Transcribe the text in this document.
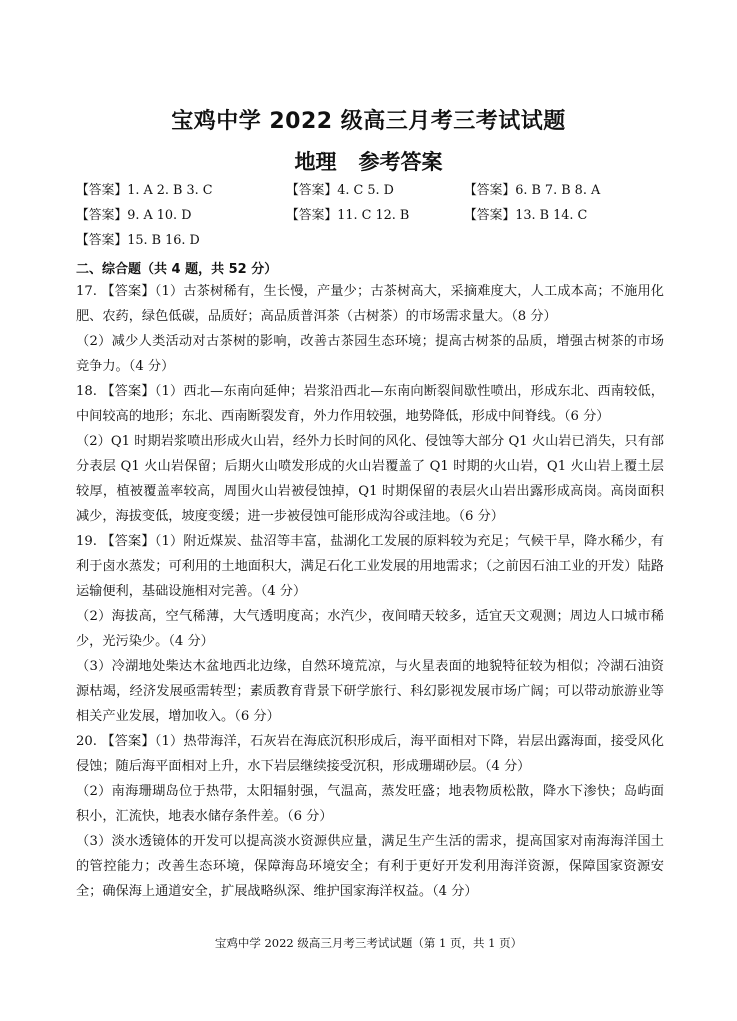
宝鸡中学 2022 级高三月考三考试试题
地理 参考答案
【答案】1. A 2. B 3. C	【答案】4. C 5. D	【答案】6. B 7. B 8. A
【答案】9. A 10. D	【答案】11. C 12. B	【答案】13. B 14. C
【答案】15. B 16. D
二、综合题（共 4 题，共 52 分）
17. 【答案】（1）古茶树稀有，生长慢，产量少；古茶树高大，采摘难度大，人工成本高；不施用化肥、农药，绿色低碳，品质好；高品质普洱茶（古树茶）的市场需求量大。（8 分）
（2）减少人类活动对古茶树的影响，改善古茶园生态环境；提高古树茶的品质，增强古树茶的市场竞争力。（4 分）
18. 【答案】（1）西北—东南向延伸；岩浆沿西北—东南向断裂间歇性喷出，形成东北、西南较低，中间较高的地形；东北、西南断裂发育，外力作用较强，地势降低，形成中间脊线。（6 分）
（2）Q1 时期岩浆喷出形成火山岩，经外力长时间的风化、侵蚀等大部分 Q1 火山岩已消失，只有部分表层 Q1 火山岩保留；后期火山喷发形成的火山岩覆盖了 Q1 时期的火山岩，Q1 火山岩上覆土层较厚，植被覆盖率较高，周围火山岩被侵蚀掉，Q1 时期保留的表层火山岩出露形成高岗。高岗面积减少，海拔变低，坡度变缓；进一步被侵蚀可能形成沟谷或洼地。（6 分）
19. 【答案】（1）附近煤炭、盐沼等丰富，盐湖化工发展的原料较为充足；气候干旱，降水稀少，有利于卤水蒸发；可利用的土地面积大，满足石化工业发展的用地需求；（之前因石油工业的开发）陆路运输便利，基础设施相对完善。（4 分）
（2）海拔高，空气稀薄，大气透明度高；水汽少，夜间晴天较多，适宜天文观测；周边人口城市稀少，光污染少。（4 分）
（3）冷湖地处柴达木盆地西北边缘，自然环境荒凉，与火星表面的地貌特征较为相似；冷湖石油资源枯竭，经济发展亟需转型；素质教育背景下研学旅行、科幻影视发展市场广阔；可以带动旅游业等相关产业发展，增加收入。（6 分）
20. 【答案】（1）热带海洋，石灰岩在海底沉积形成后，海平面相对下降，岩层出露海面，接受风化侵蚀；随后海平面相对上升，水下岩层继续接受沉积，形成珊瑚砂层。（4 分）
（2）南海珊瑚岛位于热带，太阳辐射强，气温高，蒸发旺盛；地表物质松散，降水下渗快；岛屿面积小，汇流快，地表水储存条件差。（6 分）
（3）淡水透镜体的开发可以提高淡水资源供应量，满足生产生活的需求，提高国家对南海海洋国土的管控能力；改善生态环境，保障海岛环境安全；有利于更好开发利用海洋资源，保障国家资源安全；确保海上通道安全，扩展战略纵深、维护国家海洋权益。（4 分）
宝鸡中学 2022 级高三月考三考试试题（第 1 页，共 1 页）
